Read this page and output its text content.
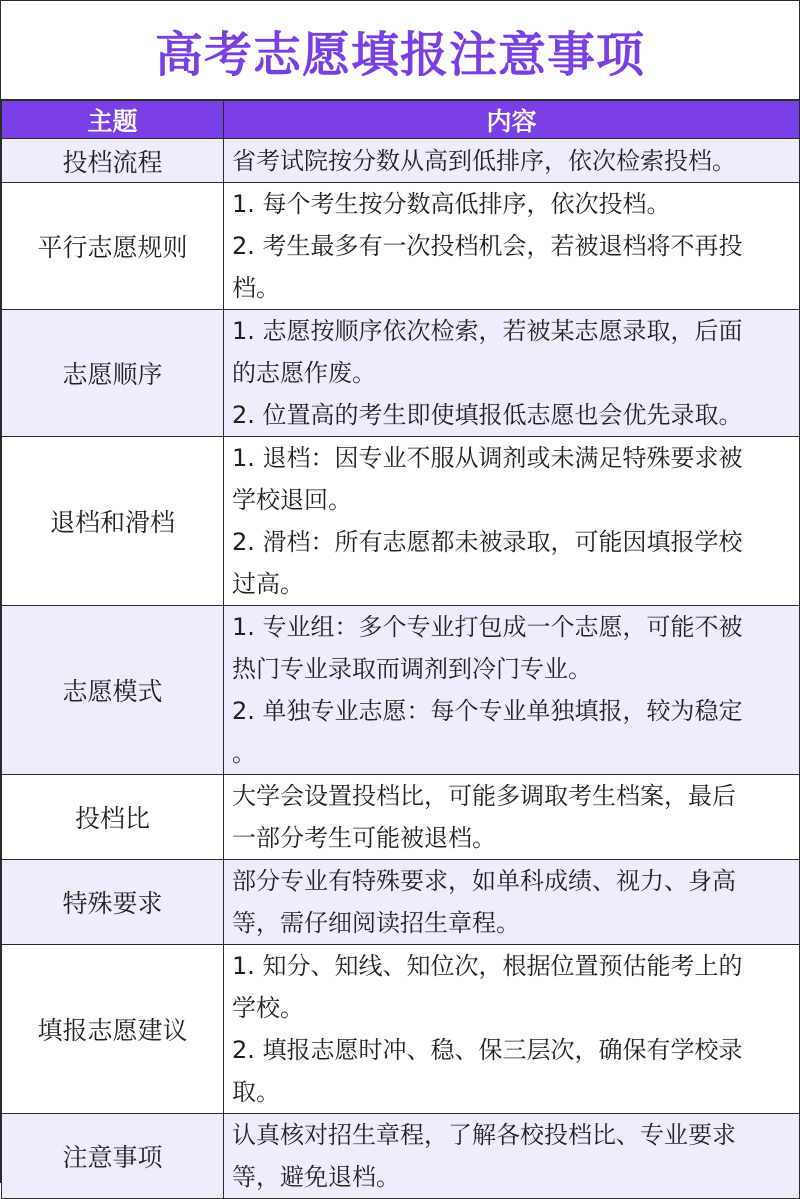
高考志愿填报注意事项
主题	内容
投档流程	省考试院按分数从高到低排序，依次检索投档。

平行志愿规则	1. 每个考生按分数高低排序，依次投档。
2. 考生最多有一次投档机会，若被退档将不再投
档。

志愿顺序	1. 志愿按顺序依次检索，若被某志愿录取，后面
的志愿作废。
2. 位置高的考生即使填报低志愿也会优先录取。

退档和滑档	1. 退档：因专业不服从调剂或未满足特殊要求被
学校退回。
2. 滑档：所有志愿都未被录取，可能因填报学校
过高。

志愿模式	1. 专业组：多个专业打包成一个志愿，可能不被
热门专业录取而调剂到冷门专业。
2. 单独专业志愿：每个专业单独填报，较为稳定
。

投档比	大学会设置投档比，可能多调取考生档案，最后
一部分考生可能被退档。

特殊要求	部分专业有特殊要求，如单科成绩、视力、身高
等，需仔细阅读招生章程。

填报志愿建议	1. 知分、知线、知位次，根据位置预估能考上的
学校。
2. 填报志愿时冲、稳、保三层次，确保有学校录
取。

注意事项	认真核对招生章程，了解各校投档比、专业要求
等，避免退档。
